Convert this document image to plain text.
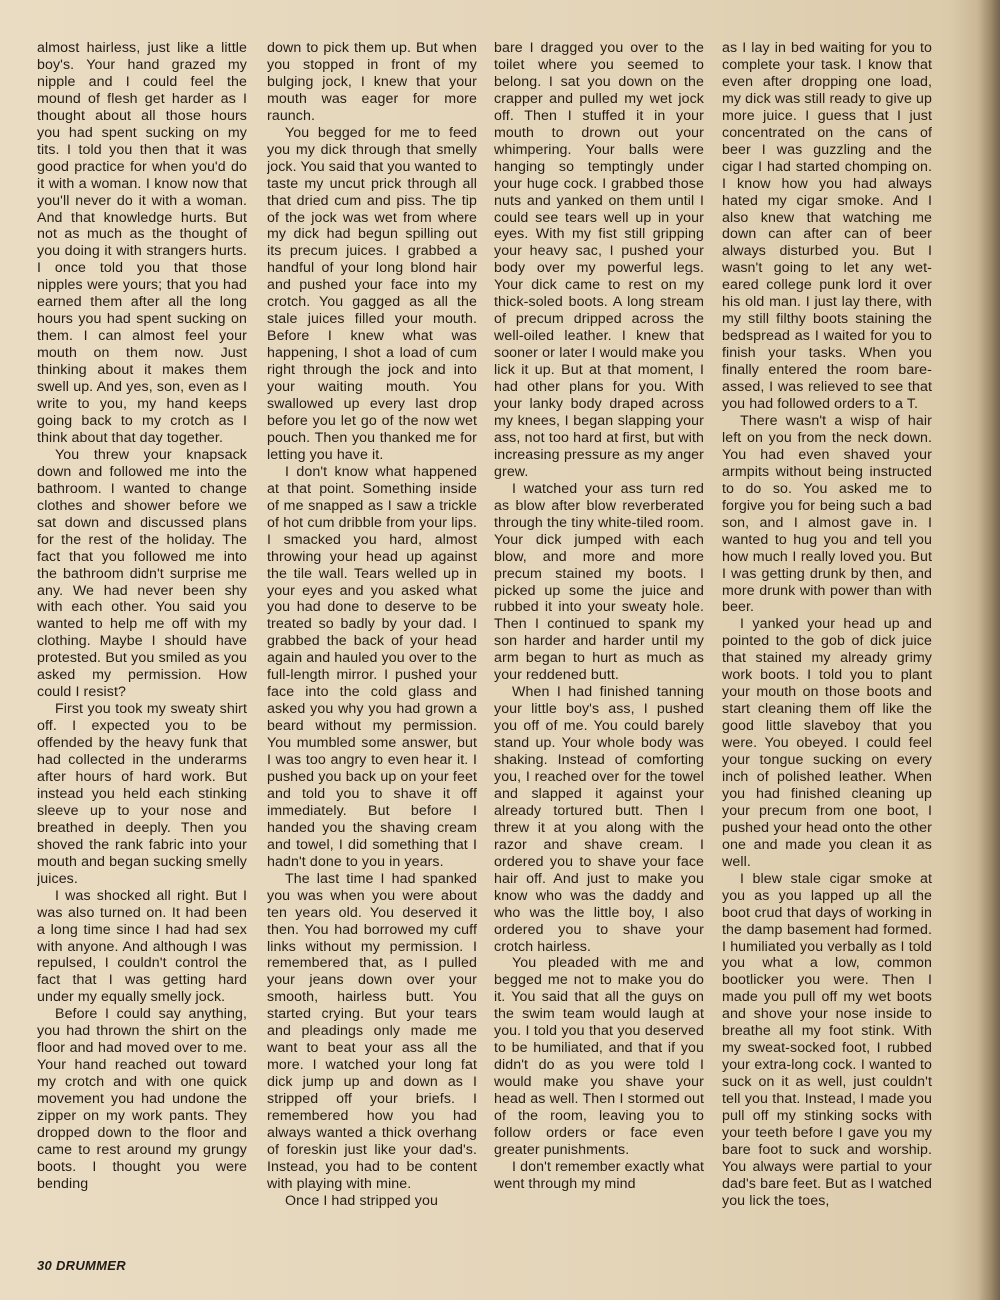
almost hairless, just like a little boy's. Your hand grazed my nipple and I could feel the mound of flesh get harder as I thought about all those hours you had spent sucking on my tits. I told you then that it was good practice for when you'd do it with a woman. I know now that you'll never do it with a woman. And that knowledge hurts. But not as much as the thought of you doing it with strangers hurts. I once told you that those nipples were yours; that you had earned them after all the long hours you had spent sucking on them. I can almost feel your mouth on them now. Just thinking about it makes them swell up. And yes, son, even as I write to you, my hand keeps going back to my crotch as I think about that day together.

You threw your knapsack down and followed me into the bathroom. I wanted to change clothes and shower before we sat down and discussed plans for the rest of the holiday. The fact that you followed me into the bathroom didn't surprise me any. We had never been shy with each other. You said you wanted to help me off with my clothing. Maybe I should have protested. But you smiled as you asked my permission. How could I resist?

First you took my sweaty shirt off. I expected you to be offended by the heavy funk that had collected in the underarms after hours of hard work. But instead you held each stinking sleeve up to your nose and breathed in deeply. Then you shoved the rank fabric into your mouth and began sucking smelly juices.

I was shocked all right. But I was also turned on. It had been a long time since I had had sex with anyone. And although I was repulsed, I couldn't control the fact that I was getting hard under my equally smelly jock.

Before I could say anything, you had thrown the shirt on the floor and had moved over to me. Your hand reached out toward my crotch and with one quick movement you had undone the zipper on my work pants. They dropped down to the floor and came to rest around my grungy boots. I thought you were bending

down to pick them up. But when you stopped in front of my bulging jock, I knew that your mouth was eager for more raunch.

You begged for me to feed you my dick through that smelly jock. You said that you wanted to taste my uncut prick through all that dried cum and piss. The tip of the jock was wet from where my dick had begun spilling out its precum juices. I grabbed a handful of your long blond hair and pushed your face into my crotch. You gagged as all the stale juices filled your mouth. Before I knew what was happening, I shot a load of cum right through the jock and into your waiting mouth. You swallowed up every last drop before you let go of the now wet pouch. Then you thanked me for letting you have it.

I don't know what happened at that point. Something inside of me snapped as I saw a trickle of hot cum dribble from your lips. I smacked you hard, almost throwing your head up against the tile wall. Tears welled up in your eyes and you asked what you had done to deserve to be treated so badly by your dad. I grabbed the back of your head again and hauled you over to the full-length mirror. I pushed your face into the cold glass and asked you why you had grown a beard without my permission. You mumbled some answer, but I was too angry to even hear it. I pushed you back up on your feet and told you to shave it off immediately. But before I handed you the shaving cream and towel, I did something that I hadn't done to you in years.

The last time I had spanked you was when you were about ten years old. You deserved it then. You had borrowed my cuff links without my permission. I remembered that, as I pulled your jeans down over your smooth, hairless butt. You started crying. But your tears and pleadings only made me want to beat your ass all the more. I watched your long fat dick jump up and down as I stripped off your briefs. I remembered how you had always wanted a thick overhang of foreskin just like your dad's. Instead, you had to be content with playing with mine.

Once I had stripped you

bare I dragged you over to the toilet where you seemed to belong. I sat you down on the crapper and pulled my wet jock off. Then I stuffed it in your mouth to drown out your whimpering. Your balls were hanging so temptingly under your huge cock. I grabbed those nuts and yanked on them until I could see tears well up in your eyes. With my fist still gripping your heavy sac, I pushed your body over my powerful legs. Your dick came to rest on my thick-soled boots. A long stream of precum dripped across the well-oiled leather. I knew that sooner or later I would make you lick it up. But at that moment, I had other plans for you. With your lanky body draped across my knees, I began slapping your ass, not too hard at first, but with increasing pressure as my anger grew.

I watched your ass turn red as blow after blow reverberated through the tiny white-tiled room. Your dick jumped with each blow, and more and more precum stained my boots. I picked up some the juice and rubbed it into your sweaty hole. Then I continued to spank my son harder and harder until my arm began to hurt as much as your reddened butt.

When I had finished tanning your little boy's ass, I pushed you off of me. You could barely stand up. Your whole body was shaking. Instead of comforting you, I reached over for the towel and slapped it against your already tortured butt. Then I threw it at you along with the razor and shave cream. I ordered you to shave your face hair off. And just to make you know who was the daddy and who was the little boy, I also ordered you to shave your crotch hairless.

You pleaded with me and begged me not to make you do it. You said that all the guys on the swim team would laugh at you. I told you that you deserved to be humiliated, and that if you didn't do as you were told I would make you shave your head as well. Then I stormed out of the room, leaving you to follow orders or face even greater punishments.

I don't remember exactly what went through my mind

as I lay in bed waiting for you to complete your task. I know that even after dropping one load, my dick was still ready to give up more juice. I guess that I just concentrated on the cans of beer I was guzzling and the cigar I had started chomping on. I know how you had always hated my cigar smoke. And I also knew that watching me down can after can of beer always disturbed you. But I wasn't going to let any wet-eared college punk lord it over his old man. I just lay there, with my still filthy boots staining the bedspread as I waited for you to finish your tasks. When you finally entered the room bare-assed, I was relieved to see that you had followed orders to a T.

There wasn't a wisp of hair left on you from the neck down. You had even shaved your armpits without being instructed to do so. You asked me to forgive you for being such a bad son, and I almost gave in. I wanted to hug you and tell you how much I really loved you. But I was getting drunk by then, and more drunk with power than with beer.

I yanked your head up and pointed to the gob of dick juice that stained my already grimy work boots. I told you to plant your mouth on those boots and start cleaning them off like the good little slaveboy that you were. You obeyed. I could feel your tongue sucking on every inch of polished leather. When you had finished cleaning up your precum from one boot, I pushed your head onto the other one and made you clean it as well.

I blew stale cigar smoke at you as you lapped up all the boot crud that days of working in the damp basement had formed. I humiliated you verbally as I told you what a low, common bootlicker you were. Then I made you pull off my wet boots and shove your nose inside to breathe all my foot stink. With my sweat-socked foot, I rubbed your extra-long cock. I wanted to suck on it as well, just couldn't tell you that. Instead, I made you pull off my stinking socks with your teeth before I gave you my bare foot to suck and worship. You always were partial to your dad's bare feet. But as I watched you lick the toes,

30 DRUMMER
